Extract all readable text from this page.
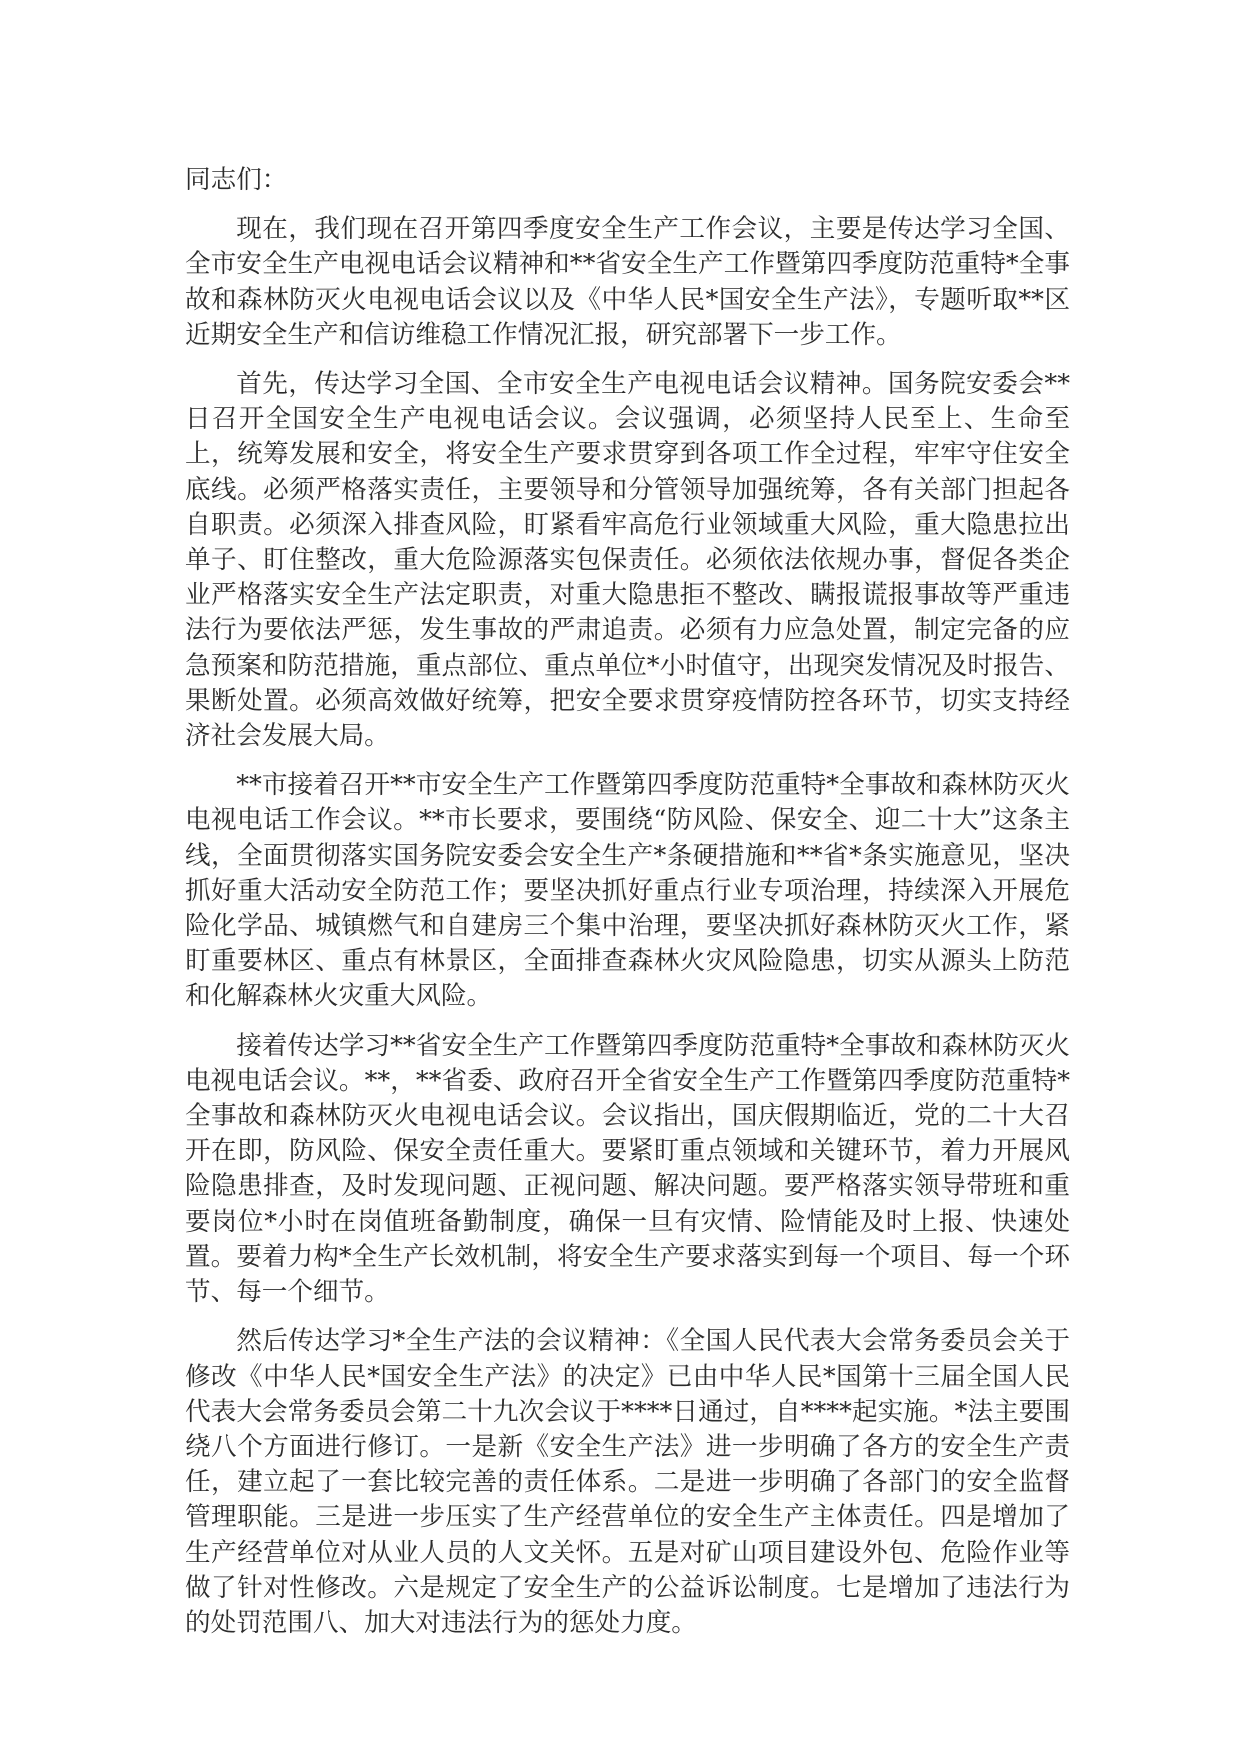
同志们：

现在，我们现在召开第四季度安全生产工作会议，主要是传达学习全国、全市安全生产电视电话会议精神和**省安全生产工作暨第四季度防范重特*全事故和森林防灭火电视电话会议以及《中华人民*国安全生产法》，专题听取**区近期安全生产和信访维稳工作情况汇报，研究部署下一步工作。

首先，传达学习全国、全市安全生产电视电话会议精神。国务院安委会**日召开全国安全生产电视电话会议。会议强调，必须坚持人民至上、生命至上，统筹发展和安全，将安全生产要求贯穿到各项工作全过程，牢牢守住安全底线。必须严格落实责任，主要领导和分管领导加强统筹，各有关部门担起各自职责。必须深入排查风险，盯紧看牢高危行业领域重大风险，重大隐患拉出单子、盯住整改，重大危险源落实包保责任。必须依法依规办事，督促各类企业严格落实安全生产法定职责，对重大隐患拒不整改、瞒报谎报事故等严重违法行为要依法严惩，发生事故的严肃追责。必须有力应急处置，制定完备的应急预案和防范措施，重点部位、重点单位*小时值守，出现突发情况及时报告、果断处置。必须高效做好统筹，把安全要求贯穿疫情防控各环节，切实支持经济社会发展大局。

**市接着召开**市安全生产工作暨第四季度防范重特*全事故和森林防灭火电视电话工作会议。**市长要求，要围绕“防风险、保安全、迎二十大”这条主线，全面贯彻落实国务院安委会安全生产*条硬措施和**省*条实施意见，坚决抓好重大活动安全防范工作；要坚决抓好重点行业专项治理，持续深入开展危险化学品、城镇燃气和自建房三个集中治理，要坚决抓好森林防灭火工作，紧盯重要林区、重点有林景区，全面排查森林火灾风险隐患，切实从源头上防范和化解森林火灾重大风险。

接着传达学习**省安全生产工作暨第四季度防范重特*全事故和森林防灭火电视电话会议。**，**省委、政府召开全省安全生产工作暨第四季度防范重特*全事故和森林防灭火电视电话会议。会议指出，国庆假期临近，党的二十大召开在即，防风险、保安全责任重大。要紧盯重点领域和关键环节，着力开展风险隐患排查，及时发现问题、正视问题、解决问题。要严格落实领导带班和重要岗位*小时在岗值班备勤制度，确保一旦有灾情、险情能及时上报、快速处置。要着力构*全生产长效机制，将安全生产要求落实到每一个项目、每一个环节、每一个细节。

然后传达学习*全生产法的会议精神：《全国人民代表大会常务委员会关于修改《中华人民*国安全生产法》的决定》已由中华人民*国第十三届全国人民代表大会常务委员会第二十九次会议于****日通过，自****起实施。*法主要围绕八个方面进行修订。一是新《安全生产法》进一步明确了各方的安全生产责任，建立起了一套比较完善的责任体系。二是进一步明确了各部门的安全监督管理职能。三是进一步压实了生产经营单位的安全生产主体责任。四是增加了生产经营单位对从业人员的人文关怀。五是对矿山项目建设外包、危险作业等做了针对性修改。六是规定了安全生产的公益诉讼制度。七是增加了违法行为的处罚范围八、加大对违法行为的惩处力度。
